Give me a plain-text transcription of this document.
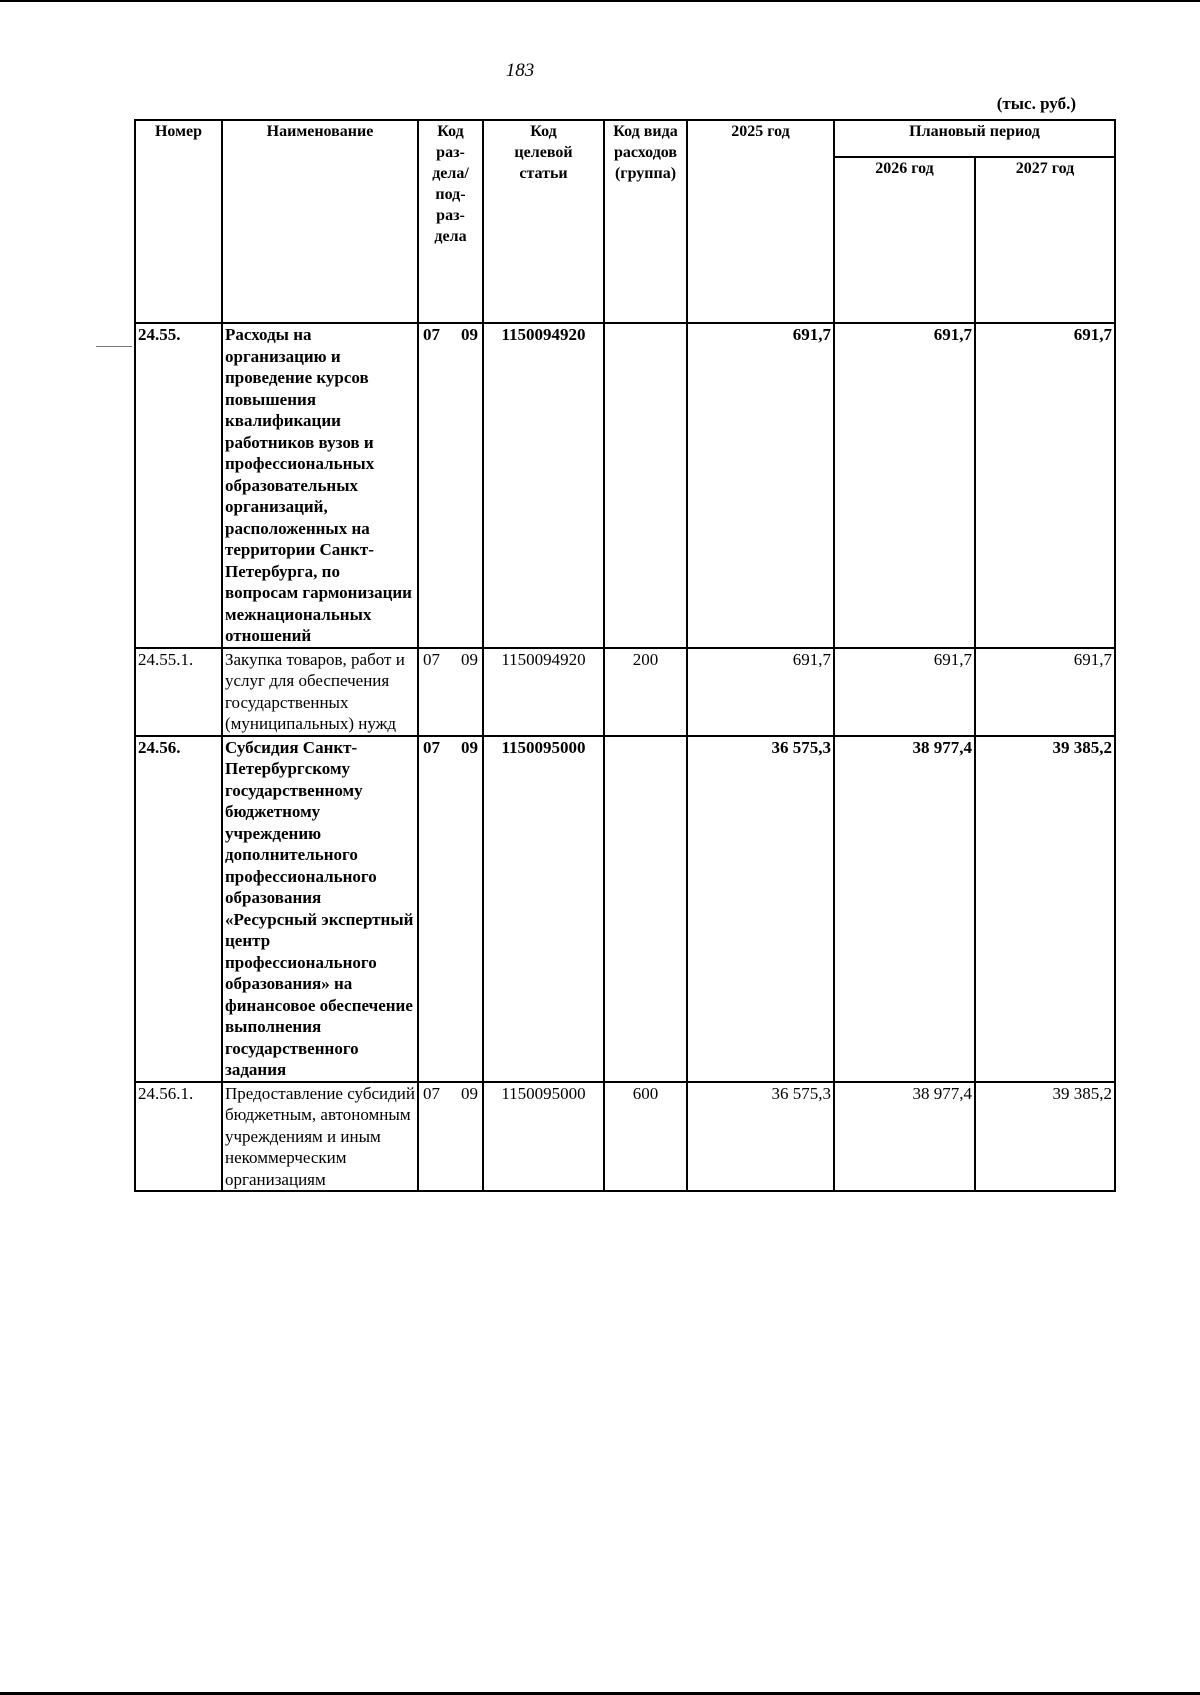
183
(тыс. руб.)
Номер	Наименование	Код раз-дела/ под-раз-дела	Код целевой статьи	Код вида расходов (группа)	2025 год	Плановый период	
						2026 год	2027 год
24.55.	Расходы на организацию и проведение курсов повышения квалификации работников вузов и профессиональных образовательных организаций, расположенных на территории Санкт-Петербурга, по вопросам гармонизации межнациональных отношений	07 09	1150094920		691,7	691,7	691,7
24.55.1.	Закупка товаров, работ и услуг для обеспечения государственных (муниципальных) нужд	07 09	1150094920	200	691,7	691,7	691,7
24.56.	Субсидия Санкт-Петербургскому государственному бюджетному учреждению дополнительного профессионального образования «Ресурсный экспертный центр профессионального образования» на финансовое обеспечение выполнения государственного задания	07 09	1150095000		36 575,3	38 977,4	39 385,2
24.56.1.	Предоставление субсидий бюджетным, автономным учреждениям и иным некоммерческим организациям	07 09	1150095000	600	36 575,3	38 977,4	39 385,2
